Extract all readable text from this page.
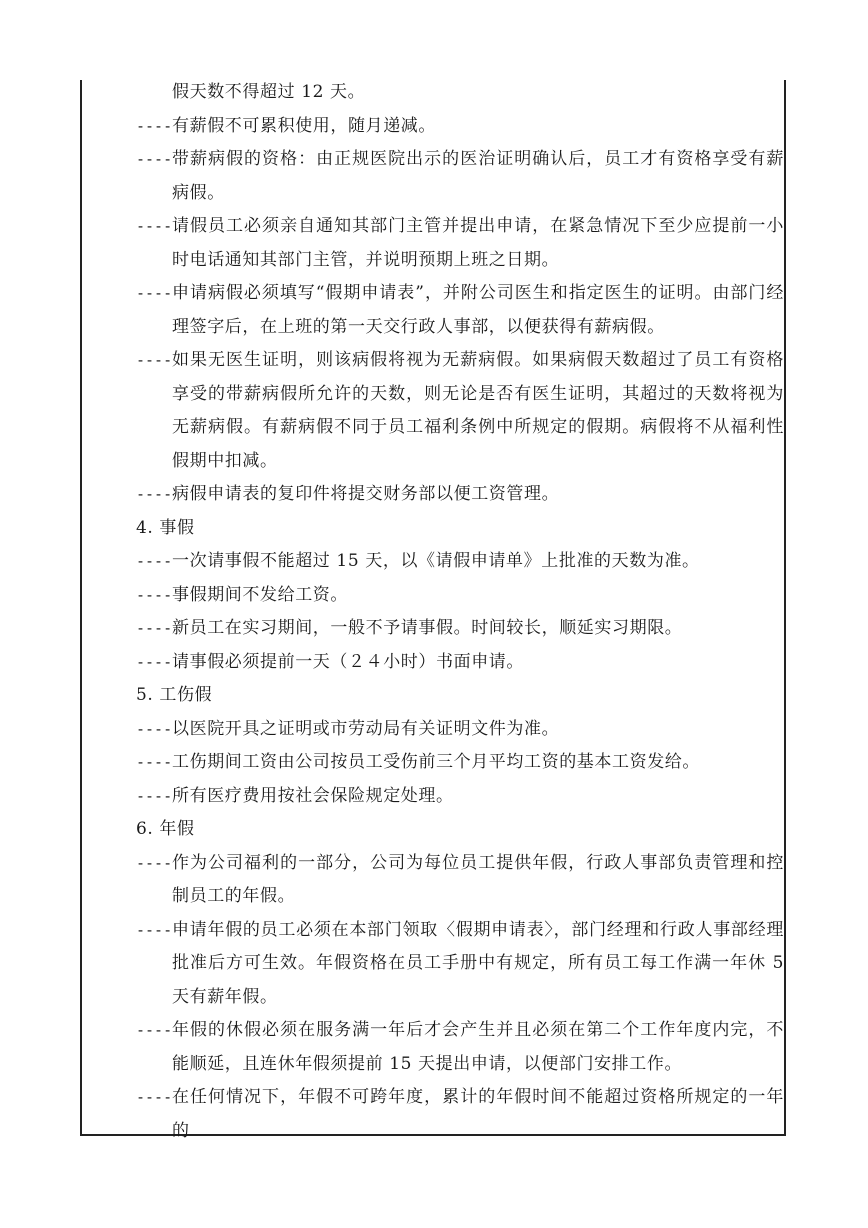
假天数不得超过 12 天。
---- 有薪假不可累积使用，随月递减。
---- 带薪病假的资格：由正规医院出示的医治证明确认后，员工才有资格享受有薪病假。
---- 请假员工必须亲自通知其部门主管并提出申请，在紧急情况下至少应提前一小时电话通知其部门主管，并说明预期上班之日期。
---- 申请病假必须填写“假期申请表”，并附公司医生和指定医生的证明。由部门经理签字后，在上班的第一天交行政人事部，以便获得有薪病假。
---- 如果无医生证明，则该病假将视为无薪病假。如果病假天数超过了员工有资格享受的带薪病假所允许的天数，则无论是否有医生证明，其超过的天数将视为无薪病假。有薪病假不同于员工福利条例中所规定的假期。病假将不从福利性假期中扣减。
---- 病假申请表的复印件将提交财务部以便工资管理。
4. 事假
---- 一次请事假不能超过 15 天，以《请假申请单》上批准的天数为准。
---- 事假期间不发给工资。
---- 新员工在实习期间，一般不予请事假。时间较长，顺延实习期限。
---- 请事假必须提前一天（２４小时）书面申请。
5. 工伤假
---- 以医院开具之证明或市劳动局有关证明文件为准。
---- 工伤期间工资由公司按员工受伤前三个月平均工资的基本工资发给。
---- 所有医疗费用按社会保险规定处理。
6. 年假
---- 作为公司福利的一部分，公司为每位员工提供年假，行政人事部负责管理和控制员工的年假。
---- 申请年假的员工必须在本部门领取〈假期申请表〉，部门经理和行政人事部经理批准后方可生效。年假资格在员工手册中有规定，所有员工每工作满一年休 5 天有薪年假。
---- 年假的休假必须在服务满一年后才会产生并且必须在第二个工作年度内完，不能顺延，且连休年假须提前 15 天提出申请，以便部门安排工作。
---- 在任何情况下，年假不可跨年度，累计的年假时间不能超过资格所规定的一年的
